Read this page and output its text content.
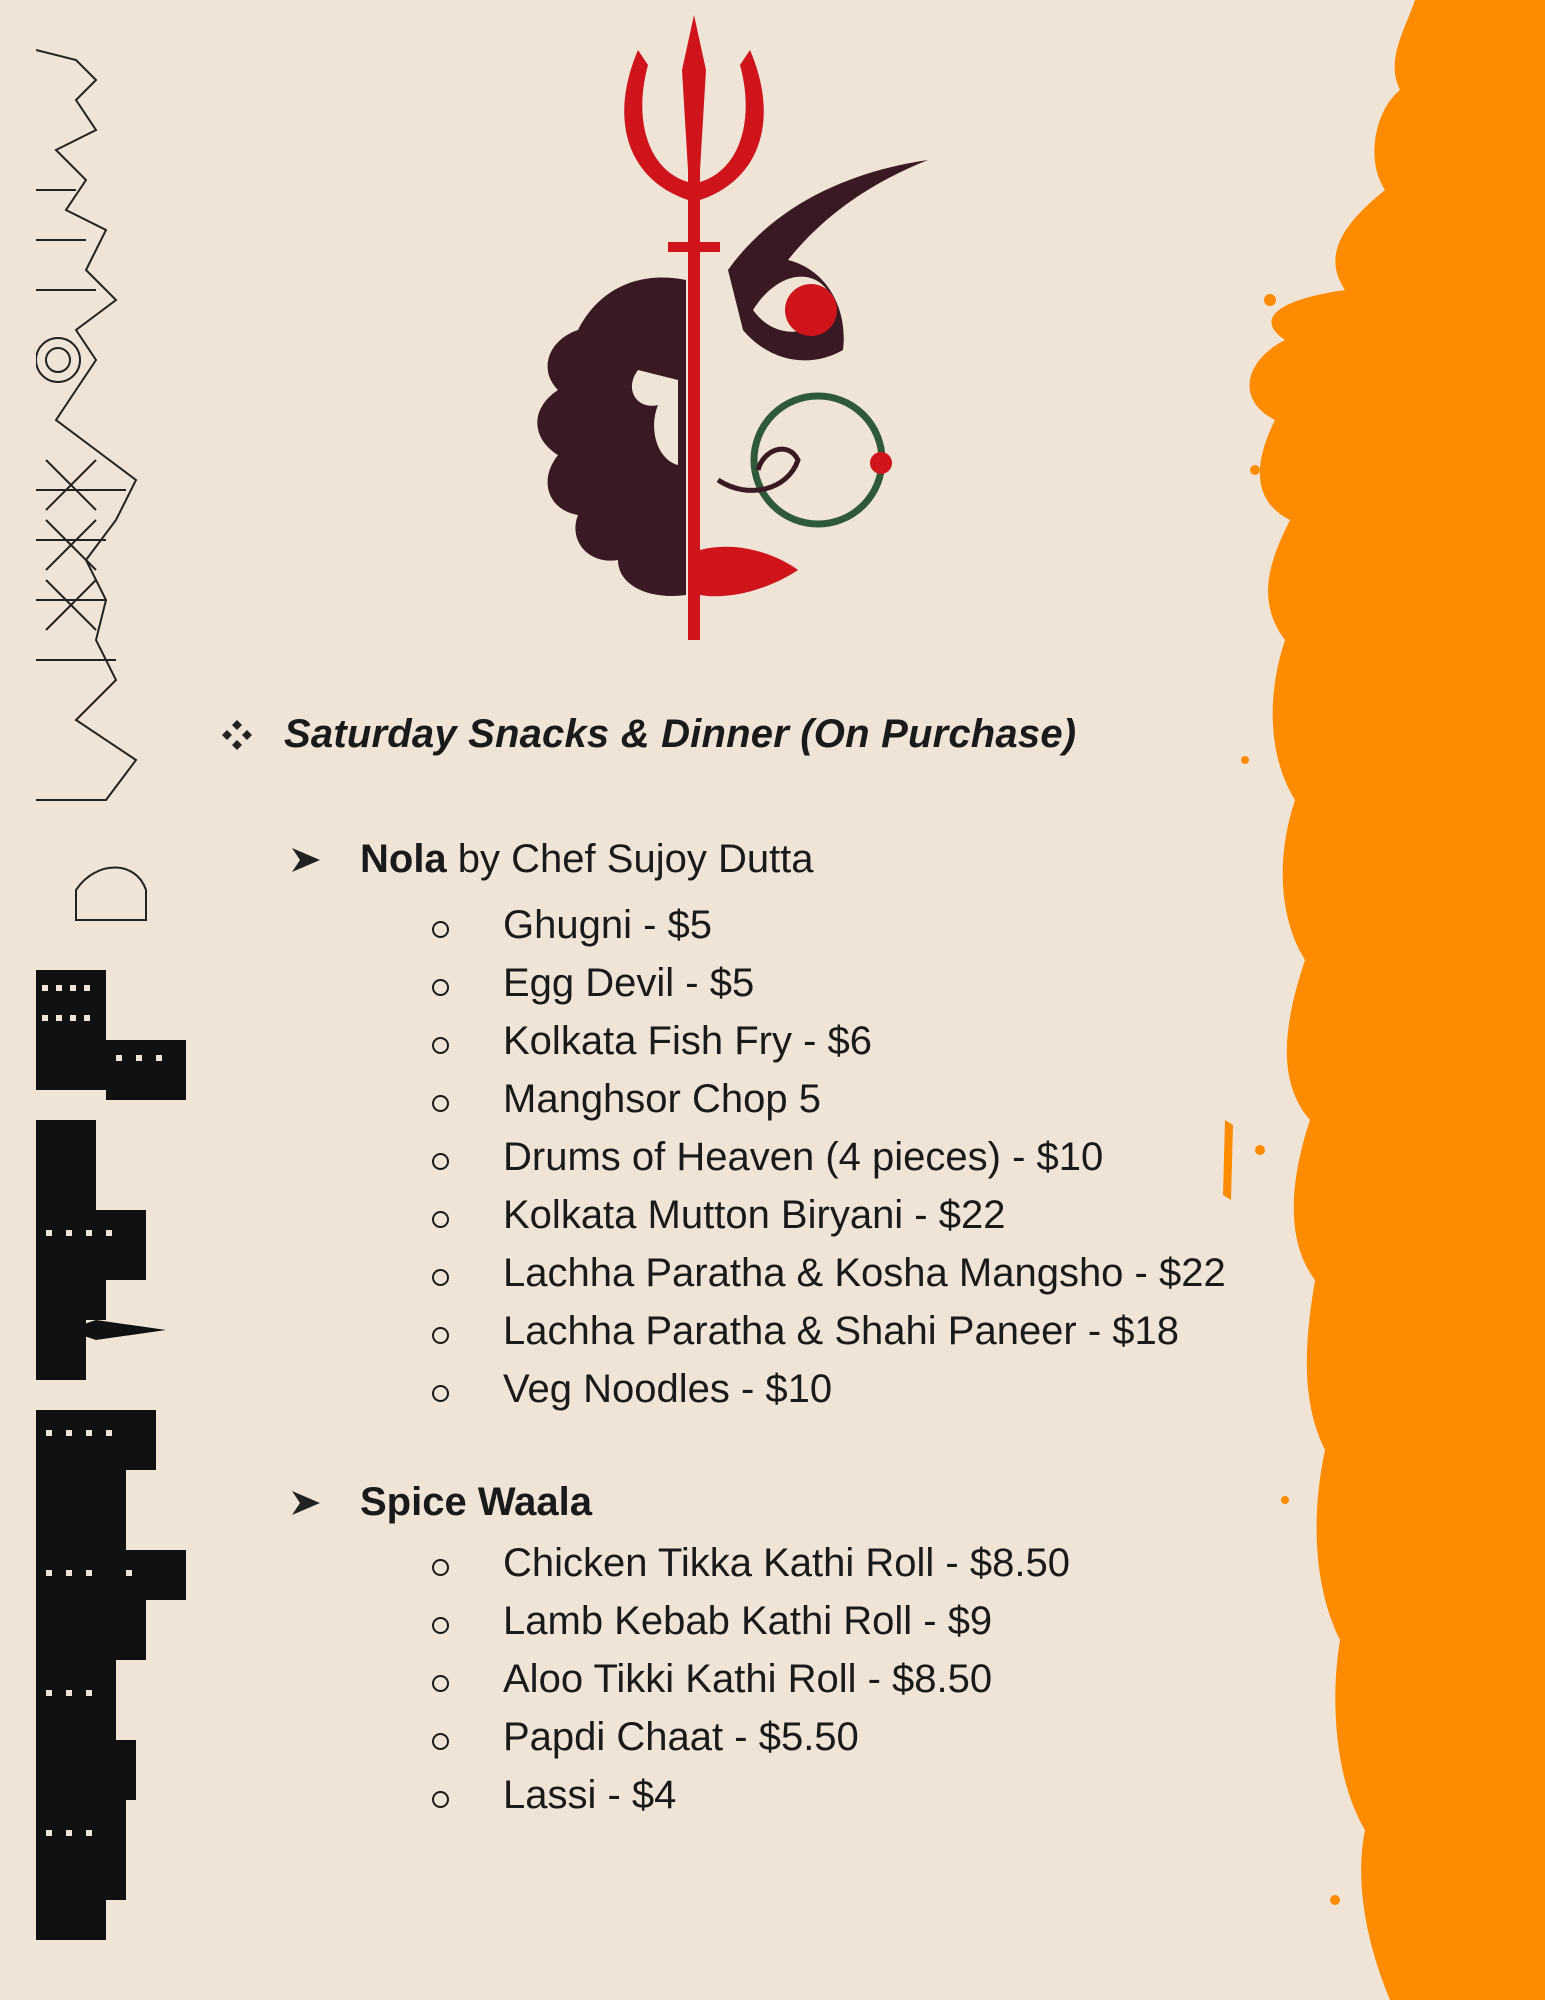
Saturday Snacks & Dinner (On Purchase)
Nola by Chef Sujoy Dutta
Ghugni - $5
Egg Devil - $5
Kolkata Fish Fry - $6
Manghsor Chop 5
Drums of Heaven (4 pieces) - $10
Kolkata Mutton Biryani - $22
Lachha Paratha & Kosha Mangsho - $22
Lachha Paratha & Shahi Paneer - $18
Veg Noodles - $10
Spice Waala
Chicken Tikka Kathi Roll - $8.50
Lamb Kebab Kathi Roll - $9
Aloo Tikki Kathi Roll - $8.50
Papdi Chaat - $5.50
Lassi - $4
